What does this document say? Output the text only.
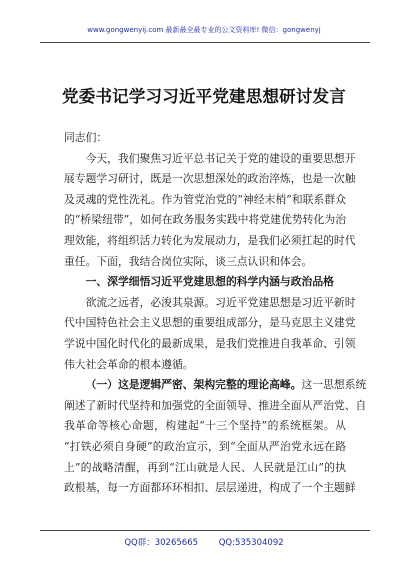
www.gongwenyij.com 最新最全最专业的公文资料库! 微信：gongwenyj
党委书记学习习近平党建思想研讨发言

同志们：

今天，我们聚焦习近平总书记关于党的建设的重要思想开
展专题学习研讨，既是一次思想深处的政治淬炼，也是一次触
及灵魂的党性洗礼。作为管党治党的“神经末梢”和联系群众
的“桥梁纽带”，如何在政务服务实践中将党建优势转化为治
理效能，将组织活力转化为发展动力，是我们必须扛起的时代
重任。下面，我结合岗位实际，谈三点认识和体会。
一、深学细悟习近平党建思想的科学内涵与政治品格
欲流之远者，必浚其泉源。习近平党建思想是习近平新时
代中国特色社会主义思想的重要组成部分，是马克思主义建党
学说中国化时代化的最新成果，是我们党推进自我革命、引领
伟大社会革命的根本遵循。
（一）这是逻辑严密、架构完整的理论高峰。这一思想系统
阐述了新时代坚持和加强党的全面领导、推进全面从严治党、自
我革命等核心命题，构建起“十三个坚持”的系统框架。从
“打铁必须自身硬”的政治宣示，到“全面从严治党永远在路
上”的战略清醒，再到“江山就是人民、人民就是江山”的执
政根基，每一方面都环环相扣、层层递进，构成了一个主题鲜
QQ群：30265665 QQ:535304092
